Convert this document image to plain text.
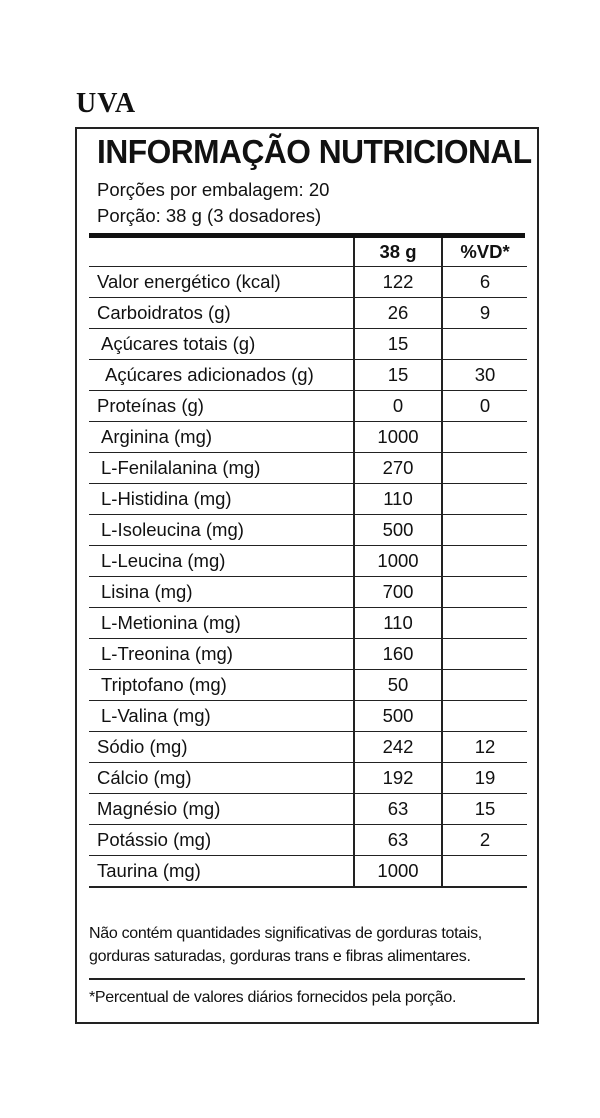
UVA
INFORMAÇÃO NUTRICIONAL
Porções por embalagem: 20
Porção: 38 g (3 dosadores)
	38 g	%VD*
Valor energético (kcal)	122	6
Carboidratos (g)	26	9
Açúcares totais (g)	15	
Açúcares adicionados (g)	15	30
Proteínas (g)	0	0
Arginina (mg)	1000	
L-Fenilalanina (mg)	270	
L-Histidina (mg)	110	
L-Isoleucina (mg)	500	
L-Leucina (mg)	1000	
Lisina (mg)	700	
L-Metionina (mg)	110	
L-Treonina (mg)	160	
Triptofano (mg)	50	
L-Valina (mg)	500	
Sódio (mg)	242	12
Cálcio (mg)	192	19
Magnésio (mg)	63	15
Potássio (mg)	63	2
Taurina (mg)	1000	
Não contém quantidades significativas de gorduras totais, gorduras saturadas, gorduras trans e fibras alimentares.
*Percentual de valores diários fornecidos pela porção.
